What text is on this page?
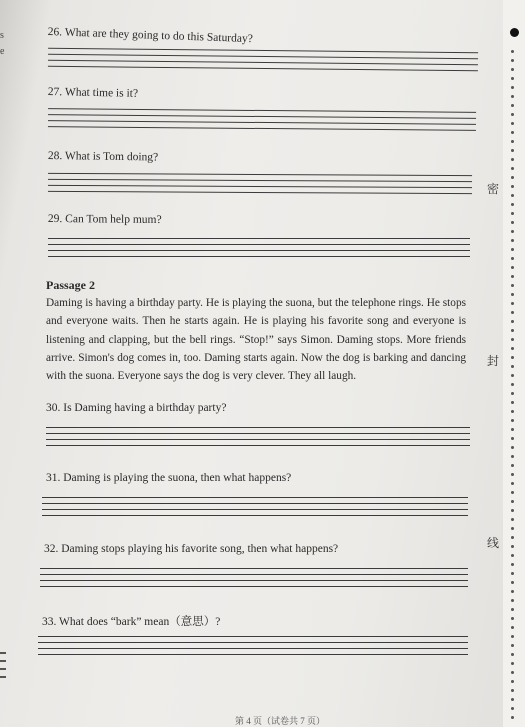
s
e
密
封
线
26. What are they going to do this Saturday?
27. What time is it?
28. What is Tom doing?
29. Can Tom help mum?
Passage 2
Daming is having a birthday party. He is playing the suona, but the telephone rings. He stops and everyone waits. Then he starts again. He is playing his favorite song and everyone is listening and clapping, but the bell rings. “Stop!” says Simon. Daming stops. More friends arrive. Simon's dog comes in, too. Daming starts again. Now the dog is barking and dancing with the suona. Everyone says the dog is very clever. They all laugh.
30. Is Daming having a birthday party?
31. Daming is playing the suona, then what happens?
32. Daming stops playing his favorite song, then what happens?
33. What does “bark” mean（意思）?
第 4 页（试卷共 7 页）
